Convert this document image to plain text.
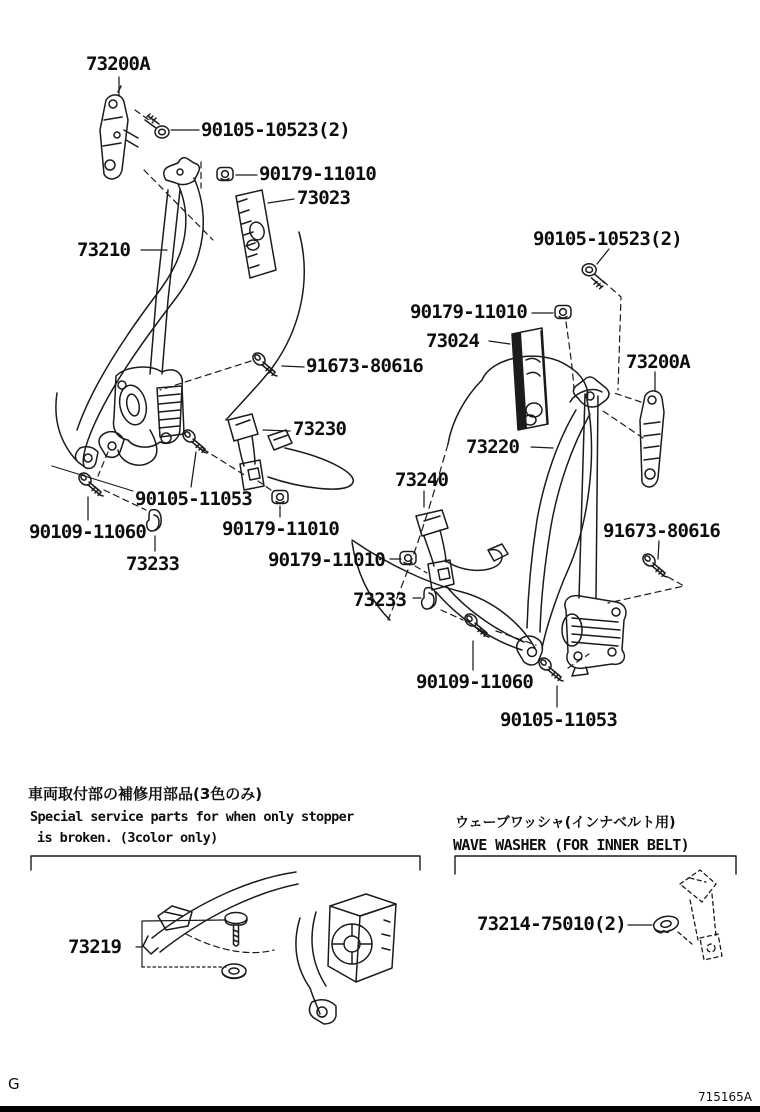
73200A
90105-10523(2)
90179-11010
73023
73210
91673-80616
73230
90105-11053
90109-11060
73233
90179-11010
90179-11010
73233
90109-11060
90105-11053
90105-10523(2)
90179-11010
73024
73200A
73220
73240
91673-80616
73219
73214-75010(2)
車両取付部の補修用部品(3色のみ)
Special service parts for when only stopper
is broken. (3color only)
ウェーブワッシャ(インナベルト用)
WAVE WASHER (FOR INNER BELT)
G
715165A
